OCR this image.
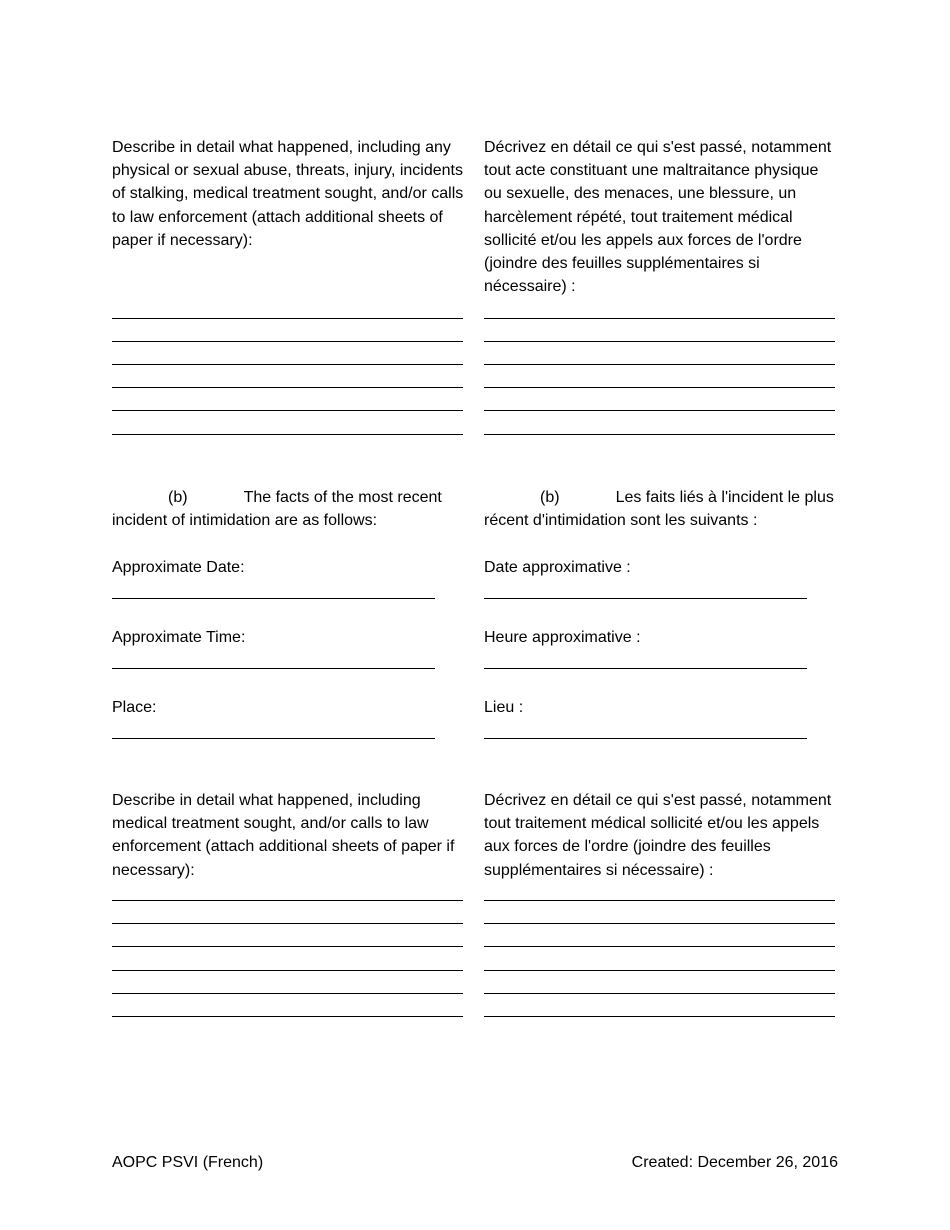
Describe in detail what happened, including any physical or sexual abuse, threats, injury, incidents of stalking, medical treatment sought, and/or calls to law enforcement (attach additional sheets of paper if necessary):
Décrivez en détail ce qui s'est passé, notamment tout acte constituant une maltraitance physique ou sexuelle, des menaces, une blessure, un harcèlement répété, tout traitement médical sollicité et/ou les appels aux forces de l'ordre (joindre des feuilles supplémentaires si nécessaire) :
(b)	The facts of the most recent incident of intimidation are as follows:
(b)	Les faits liés à l'incident le plus récent d'intimidation sont les suivants :
Approximate Date:	Date approximative :
Approximate Time:	Heure approximative :
Place:	Lieu :
Describe in detail what happened, including medical treatment sought, and/or calls to law enforcement (attach additional sheets of paper if necessary):
Décrivez en détail ce qui s'est passé, notamment tout traitement médical sollicité et/ou les appels aux forces de l'ordre (joindre des feuilles supplémentaires si nécessaire) :
AOPC PSVI (French)	Created: December 26, 2016
